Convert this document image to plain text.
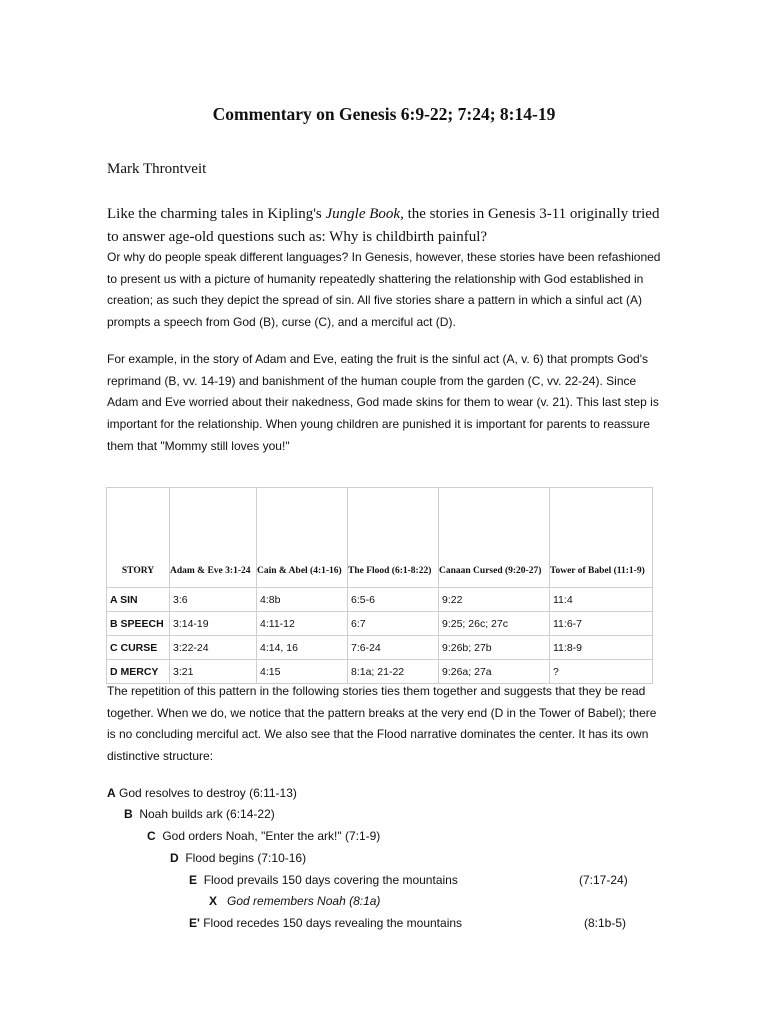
Commentary on Genesis 6:9-22; 7:24; 8:14-19
Mark Throntveit
Like the charming tales in Kipling's Jungle Book, the stories in Genesis 3-11 originally tried to answer age-old questions such as: Why is childbirth painful?
Or why do people speak different languages? In Genesis, however, these stories have been refashioned to present us with a picture of humanity repeatedly shattering the relationship with God established in creation; as such they depict the spread of sin. All five stories share a pattern in which a sinful act (A) prompts a speech from God (B), curse (C), and a merciful act (D).
For example, in the story of Adam and Eve, eating the fruit is the sinful act (A, v. 6) that prompts God's reprimand (B, vv. 14-19) and banishment of the human couple from the garden (C, vv. 22-24). Since Adam and Eve worried about their nakedness, God made skins for them to wear (v. 21). This last step is important for the relationship. When young children are punished it is important for parents to reassure them that "Mommy still loves you!"
STORY	Adam & Eve 3:1-24	Cain & Abel (4:1-16)	The Flood (6:1-8:22)	Canaan Cursed (9:20-27)	Tower of Babel (11:1-9)
A SIN	3:6	4:8b	6:5-6	9:22	11:4
B SPEECH	3:14-19	4:11-12	6:7	9:25; 26c; 27c	11:6-7
C CURSE	3:22-24	4:14, 16	7:6-24	9:26b; 27b	11:8-9
D MERCY	3:21	4:15	8:1a; 21-22	9:26a; 27a	?
The repetition of this pattern in the following stories ties them together and suggests that they be read together. When we do, we notice that the pattern breaks at the very end (D in the Tower of Babel); there is no concluding merciful act. We also see that the Flood narrative dominates the center. It has its own distinctive structure:
A God resolves to destroy (6:11-13)
B Noah builds ark (6:14-22)
C God orders Noah, "Enter the ark!" (7:1-9)
D Flood begins (7:10-16)
E Flood prevails 150 days covering the mountains	(7:17-24)
X God remembers Noah (8:1a)
E' Flood recedes 150 days revealing the mountains	(8:1b-5)
